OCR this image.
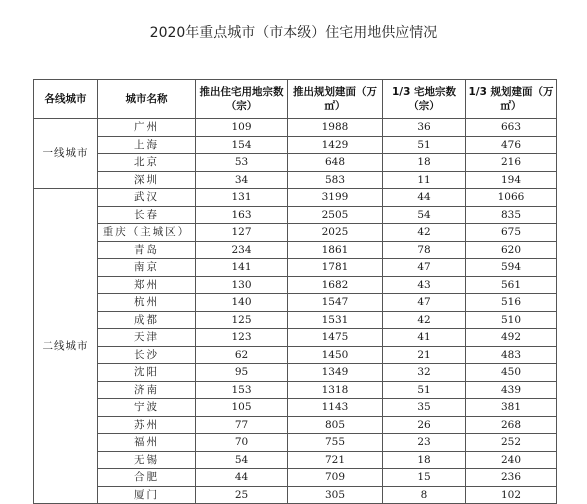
2020年重点城市（市本级）住宅用地供应情况
各线城市	城市名称	推出住宅用地宗数（宗）	推出规划建面（万㎡）	1/3 宅地宗数（宗）	1/3 规划建面（万㎡）
一线城市	广州	109	1988	36	663
	上海	154	1429	51	476
	北京	53	648	18	216
	深圳	34	583	11	194
二线城市	武汉	131	3199	44	1066
	长春	163	2505	54	835
	重庆（主城区）	127	2025	42	675
	青岛	234	1861	78	620
	南京	141	1781	47	594
	郑州	130	1682	43	561
	杭州	140	1547	47	516
	成都	125	1531	42	510
	天津	123	1475	41	492
	长沙	62	1450	21	483
	沈阳	95	1349	32	450
	济南	153	1318	51	439
	宁波	105	1143	35	381
	苏州	77	805	26	268
	福州	70	755	23	252
	无锡	54	721	18	240
	合肥	44	709	15	236
	厦门	25	305	8	102
